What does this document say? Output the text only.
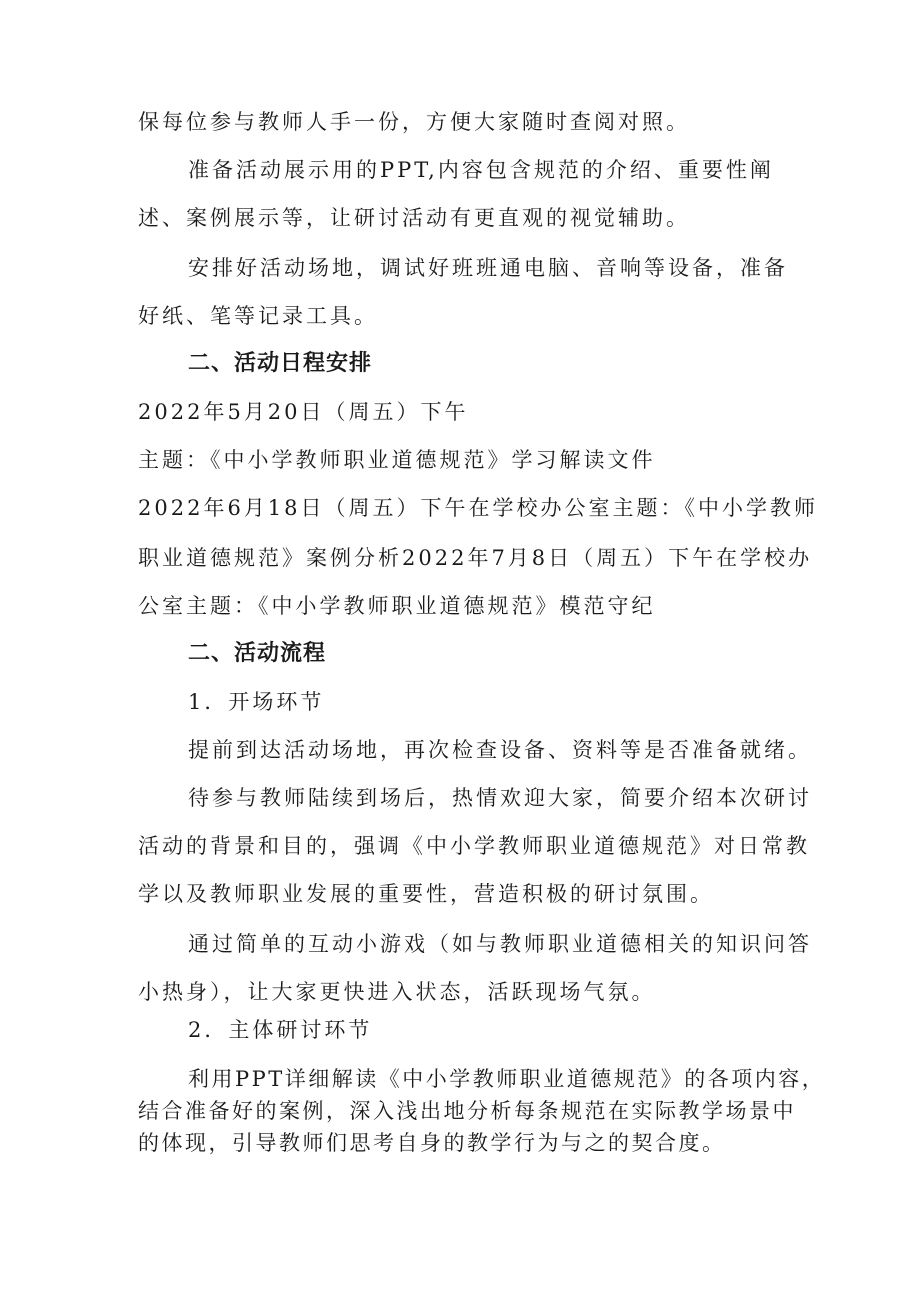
保每位参与教师人手一份，方便大家随时查阅对照。
准备活动展示用的PPT,内容包含规范的介绍、重要性阐
述、案例展示等，让研讨活动有更直观的视觉辅助。
安排好活动场地，调试好班班通电脑、音响等设备，准备
好纸、笔等记录工具。
二、活动日程安排
2022年5月20日（周五）下午
主题：《中小学教师职业道德规范》学习解读文件
2022年6月18日（周五）下午在学校办公室主题：《中小学教师
职业道德规范》案例分析2022年7月8日（周五）下午在学校办
公室主题：《中小学教师职业道德规范》模范守纪
二、活动流程
1．开场环节
提前到达活动场地，再次检查设备、资料等是否准备就绪。
待参与教师陆续到场后，热情欢迎大家，简要介绍本次研讨
活动的背景和目的，强调《中小学教师职业道德规范》对日常教
学以及教师职业发展的重要性，营造积极的研讨氛围。
通过简单的互动小游戏（如与教师职业道德相关的知识问答
小热身），让大家更快进入状态，活跃现场气氛。
2．主体研讨环节
利用PPT详细解读《中小学教师职业道德规范》的各项内容，
结合准备好的案例，深入浅出地分析每条规范在实际教学场景中
的体现，引导教师们思考自身的教学行为与之的契合度。
